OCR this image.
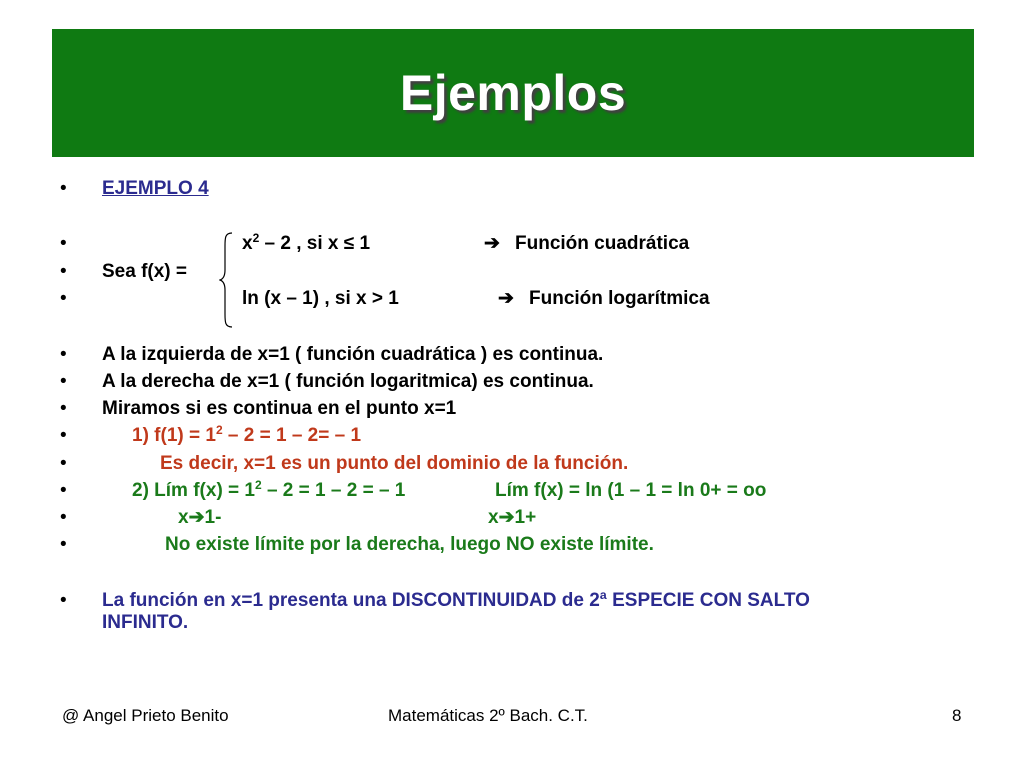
Ejemplos
• EJEMPLO 4
•	$x^2 - 2$ , si x ≤ 1	➔ Función cuadrática
• Sea f(x) =
•	ln (x – 1) , si x > 1	➔ Función logarítmica
• A la izquierda de x=1 ( función cuadrática ) es continua.
• A la derecha de x=1 ( función logaritmica) es continua.
• Miramos si es continua en el punto x=1
•	1) $f(1) = 1^2 - 2 = 1 - 2= - 1$
•	Es decir, x=1 es un punto del dominio de la función.
•	2) Lím $f(x) = 1^2 - 2 = 1 - 2$ = – 1	Lím f(x) = ln (1 – 1 = ln 0+ = oo
•	x➔1-	x➔1+
•	No existe límite por la derecha, luego NO existe límite.
• La función en x=1 presenta una DISCONTINUIDAD de 2ª ESPECIE CON SALTO
INFINITO.
@ Angel Prieto Benito	Matemáticas 2º Bach. C.T.	8
